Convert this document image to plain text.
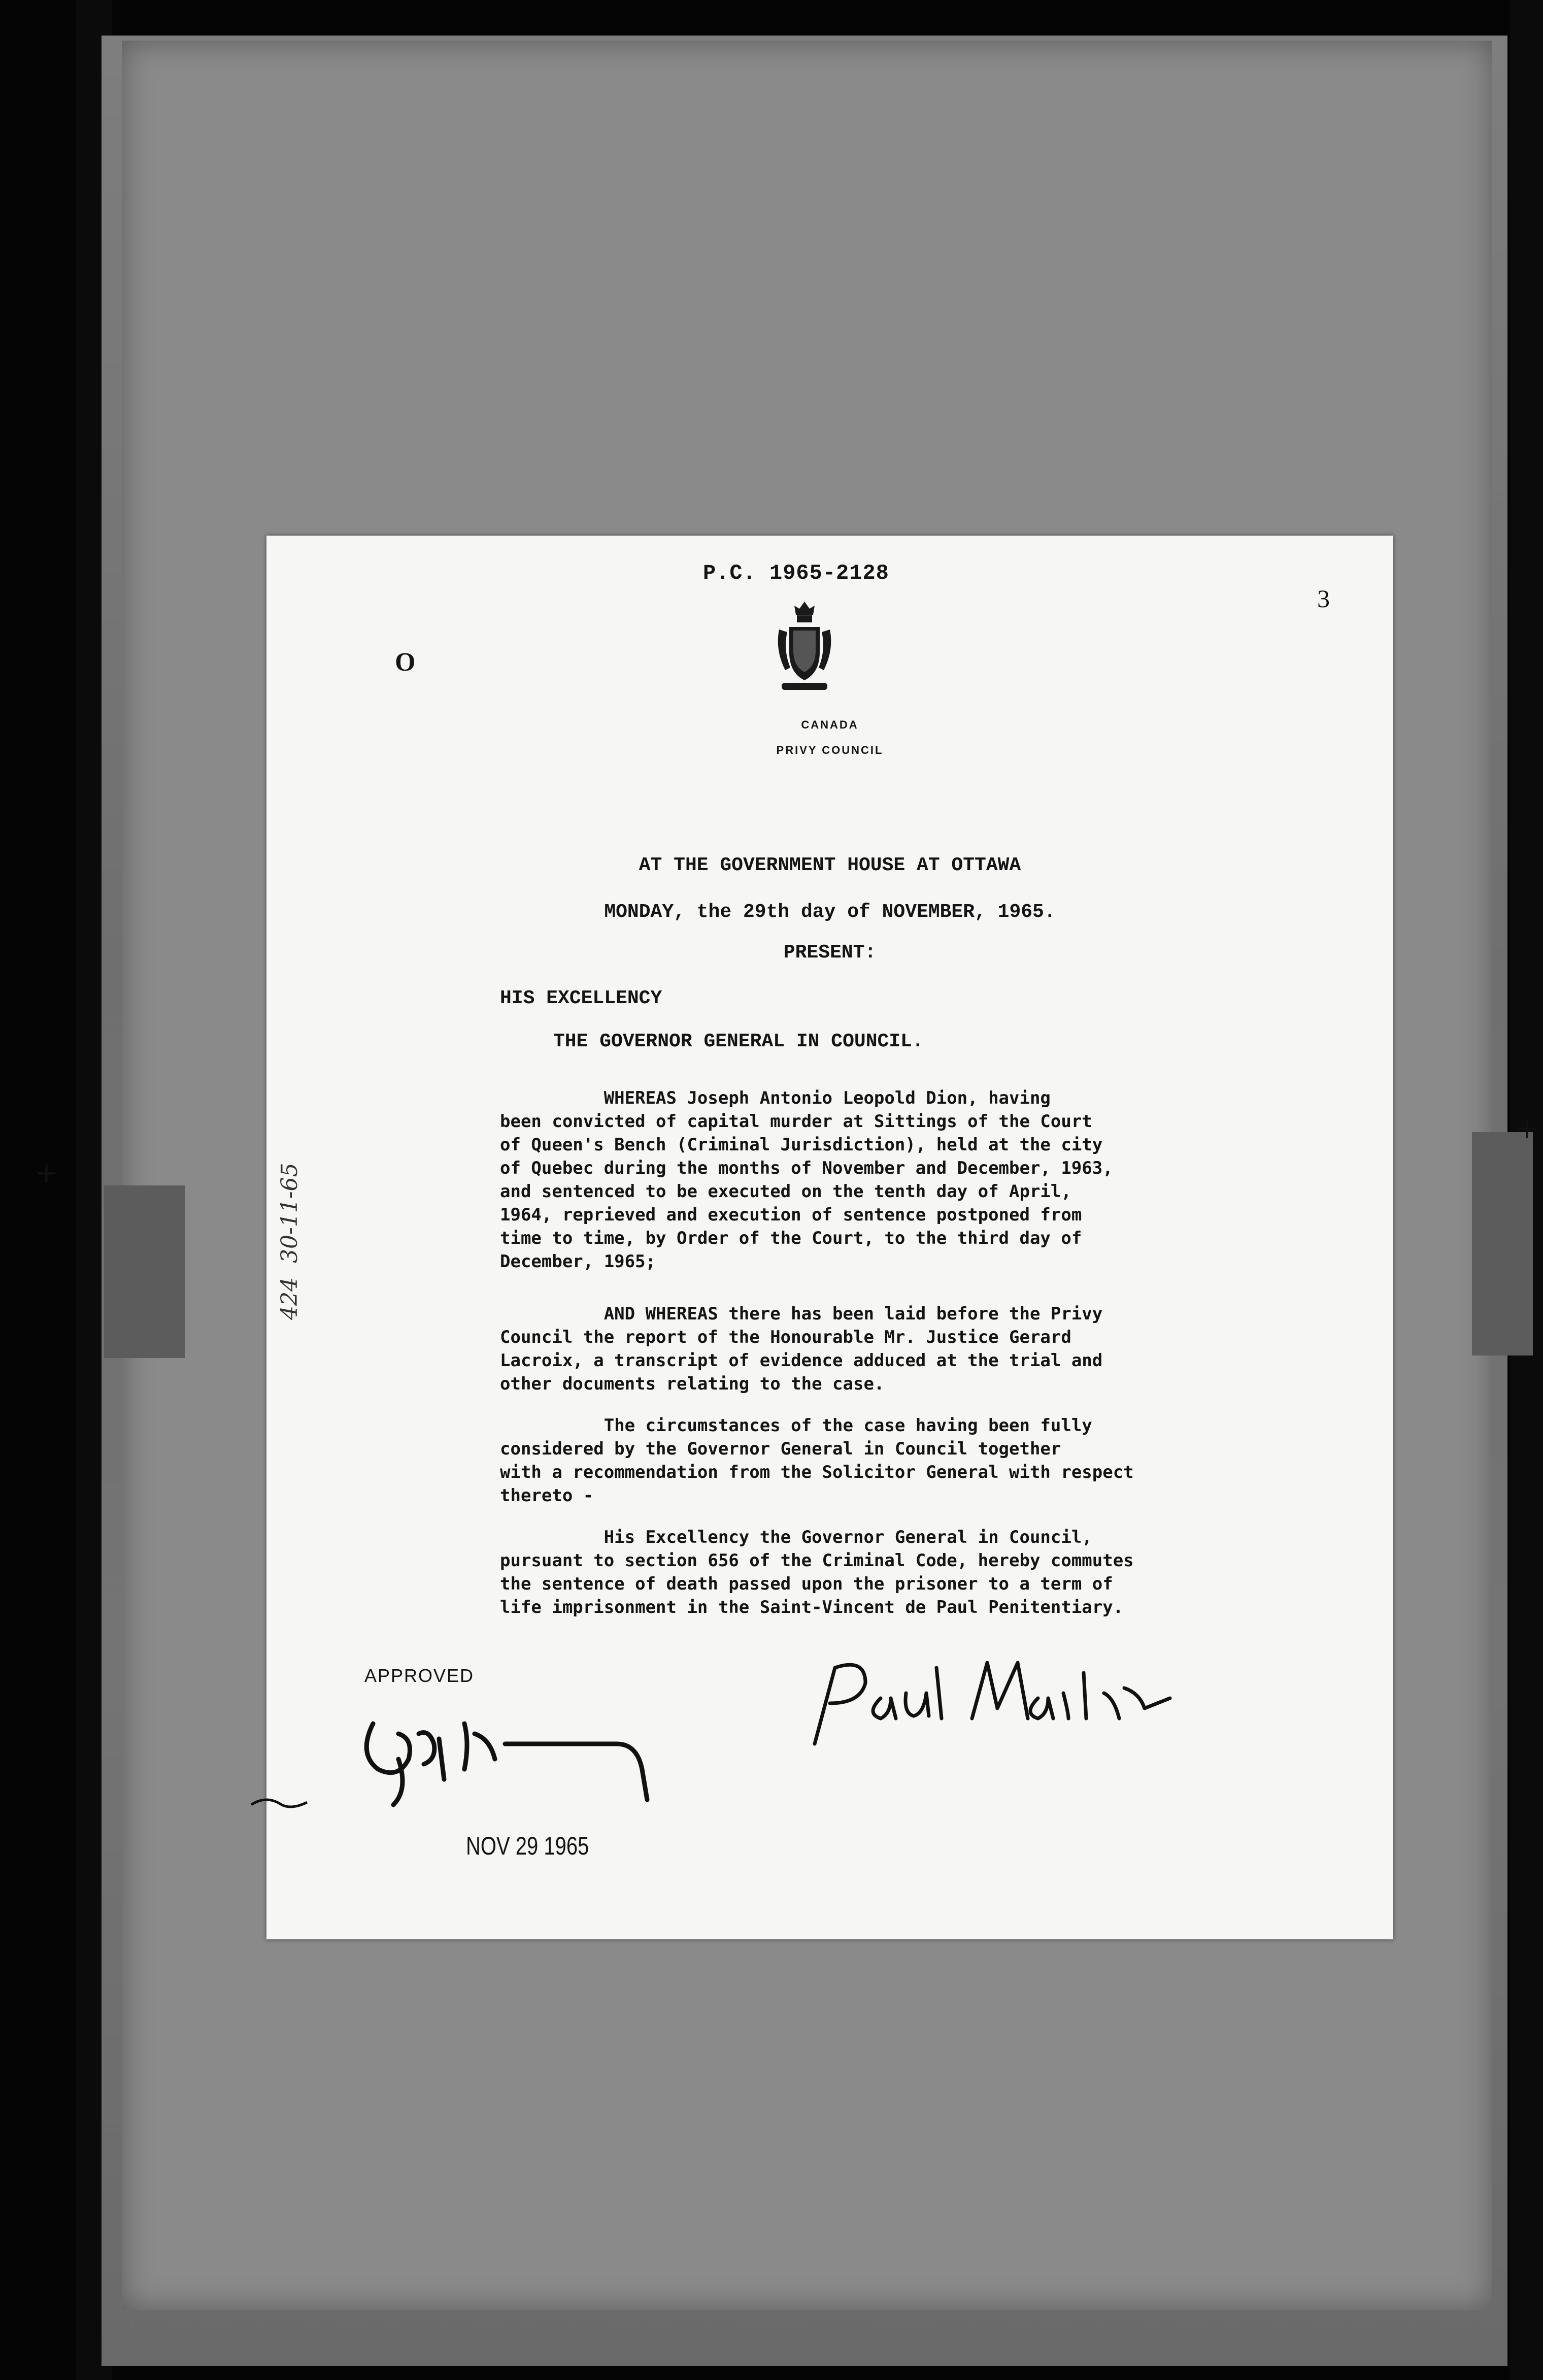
+
+
P.C. 1965-2128
3
O
CANADA
PRIVY COUNCIL
AT THE GOVERNMENT HOUSE AT OTTAWA
MONDAY, the 29th day of NOVEMBER, 1965.
PRESENT:
HIS EXCELLENCY
THE GOVERNOR GENERAL IN COUNCIL.
WHEREAS Joseph Antonio Leopold Dion, having
been convicted of capital murder at Sittings of the Court
of Queen's Bench (Criminal Jurisdiction), held at the city
of Quebec during the months of November and December, 1963,
and sentenced to be executed on the tenth day of April,
1964, reprieved and execution of sentence postponed from
time to time, by Order of the Court, to the third day of
December, 1965;
AND WHEREAS there has been laid before the Privy
Council the report of the Honourable Mr. Justice Gerard
Lacroix, a transcript of evidence adduced at the trial and
other documents relating to the case.
The circumstances of the case having been fully
considered by the Governor General in Council together
with a recommendation from the Solicitor General with respect
thereto -
His Excellency the Governor General in Council,
pursuant to section 656 of the Criminal Code, hereby commutes
the sentence of death passed upon the prisoner to a term of
life imprisonment in the Saint-Vincent de Paul Penitentiary.
APPROVED
NOV 29 1965
424  30-11-65
